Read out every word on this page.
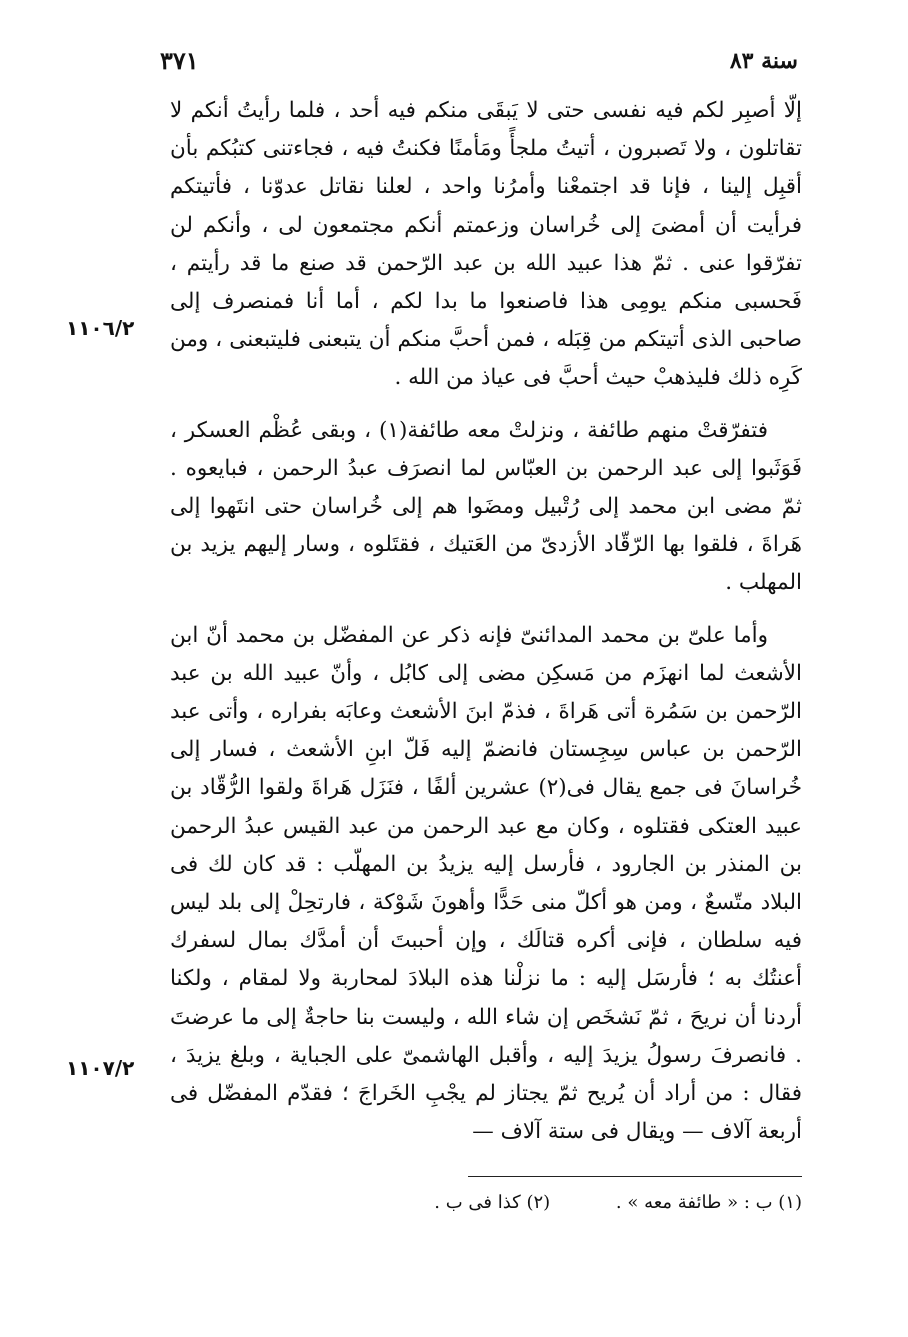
٣٧١	سنة ٨٣
١١٠٦/٢
١١٠٧/٢

إلّا أصبِر لكم فيه نفسى حتى لا يَبقَى منكم فيه أحد ، فلما رأيتُ أنكم لا تقاتلون ، ولا تَصبرون ، أتيتُ ملجأً ومَأمنًا فكنتُ فيه ، فجاءتنى كتبُكم بأن أقبِل إلينا ، فإنا قد اجتمعْنا وأمرُنا واحد ، لعلنا نقاتل عدوّنا ، فأتيتكم فرأيت أن أمضىَ إلى خُراسان وزعمتم أنكم مجتمعون لى ، وأنكم لن تفرّقوا عنى . ثمّ هذا عبيد الله بن عبد الرّحمن قد صنع ما قد رأيتم ، فَحسبى منكم يومِى هذا فاصنعوا ما بدا لكم ، أما أنا فمنصرف إلى صاحبى الذى أتيتكم من قِبَله ، فمن أحبَّ منكم أن يتبعنى فليتبعنى ، ومن كَرِه ذلك فليذهبْ حيث أحبَّ فى عياذ من الله .

فتفرّقتْ منهم طائفة ، ونزلتْ معه طائفة(١) ، وبقى عُظْم العسكر ، فَوَثَبوا إلى عبد الرحمن بن العبّاس لما انصرَف عبدُ الرحمن ، فبايعوه . ثمّ مضى ابن محمد إلى رُتْبيل ومضَوا هم إلى خُراسان حتى انتَهوا إلى هَراةَ ، فلقوا بها الرّقّاد الأزدىّ من العَتيك ، فقتَلوه ، وسار إليهم يزيد بن المهلب .

وأما علىّ بن محمد المدائنىّ فإنه ذكر عن المفضّل بن محمد أنّ ابن الأشعث لما انهزَم من مَسكِن مضى إلى كابُل ، وأنّ عبيد الله بن عبد الرّحمن بن سَمُرة أتى هَراةَ ، فذمّ ابنَ الأشعث وعابَه بفراره ، وأتى عبد الرّحمن بن عباس سِجِستان فانضمّ إليه فَلّ ابنِ الأشعث ، فسار إلى خُراسانَ فى جمع يقال فى(٢) عشرين ألفًا ، فنَزَل هَراةَ ولقوا الرُّقّاد بن عبيد العتكى فقتلوه ، وكان مع عبد الرحمن من عبد القيس عبدُ الرحمن بن المنذر بن الجارود ، فأرسل إليه يزيدُ بن المهلّب : قد كان لك فى البلاد متّسعٌ ، ومن هو أكلّ منى حَدًّا وأهونَ شَوْكة ، فارتحِلْ إلى بلد ليس فيه سلطان ، فإنى أكره قتالَك ، وإن أحببتَ أن أمدَّك بمال لسفرك أعنتُك به ؛ فأرسَل إليه : ما نزلْنا هذه البلادَ لمحاربة ولا لمقام ، ولكنا أردنا أن نريحَ ، ثمّ نَشخَص إن شاء الله ، وليست بنا حاجةٌ إلى ما عرضتَ . فانصرفَ رسولُ يزيدَ إليه ، وأقبل الهاشمىّ على الجباية ، وبلغ يزيدَ ، فقال : من أراد أن يُريح ثمّ يجتاز لم يجْبِ الخَراجَ ؛ فقدّم المفضّل فى أربعة آلاف — ويقال فى ستة آلاف —

(١) ب : « طائفة معه » . (٢) كذا فى ب .
